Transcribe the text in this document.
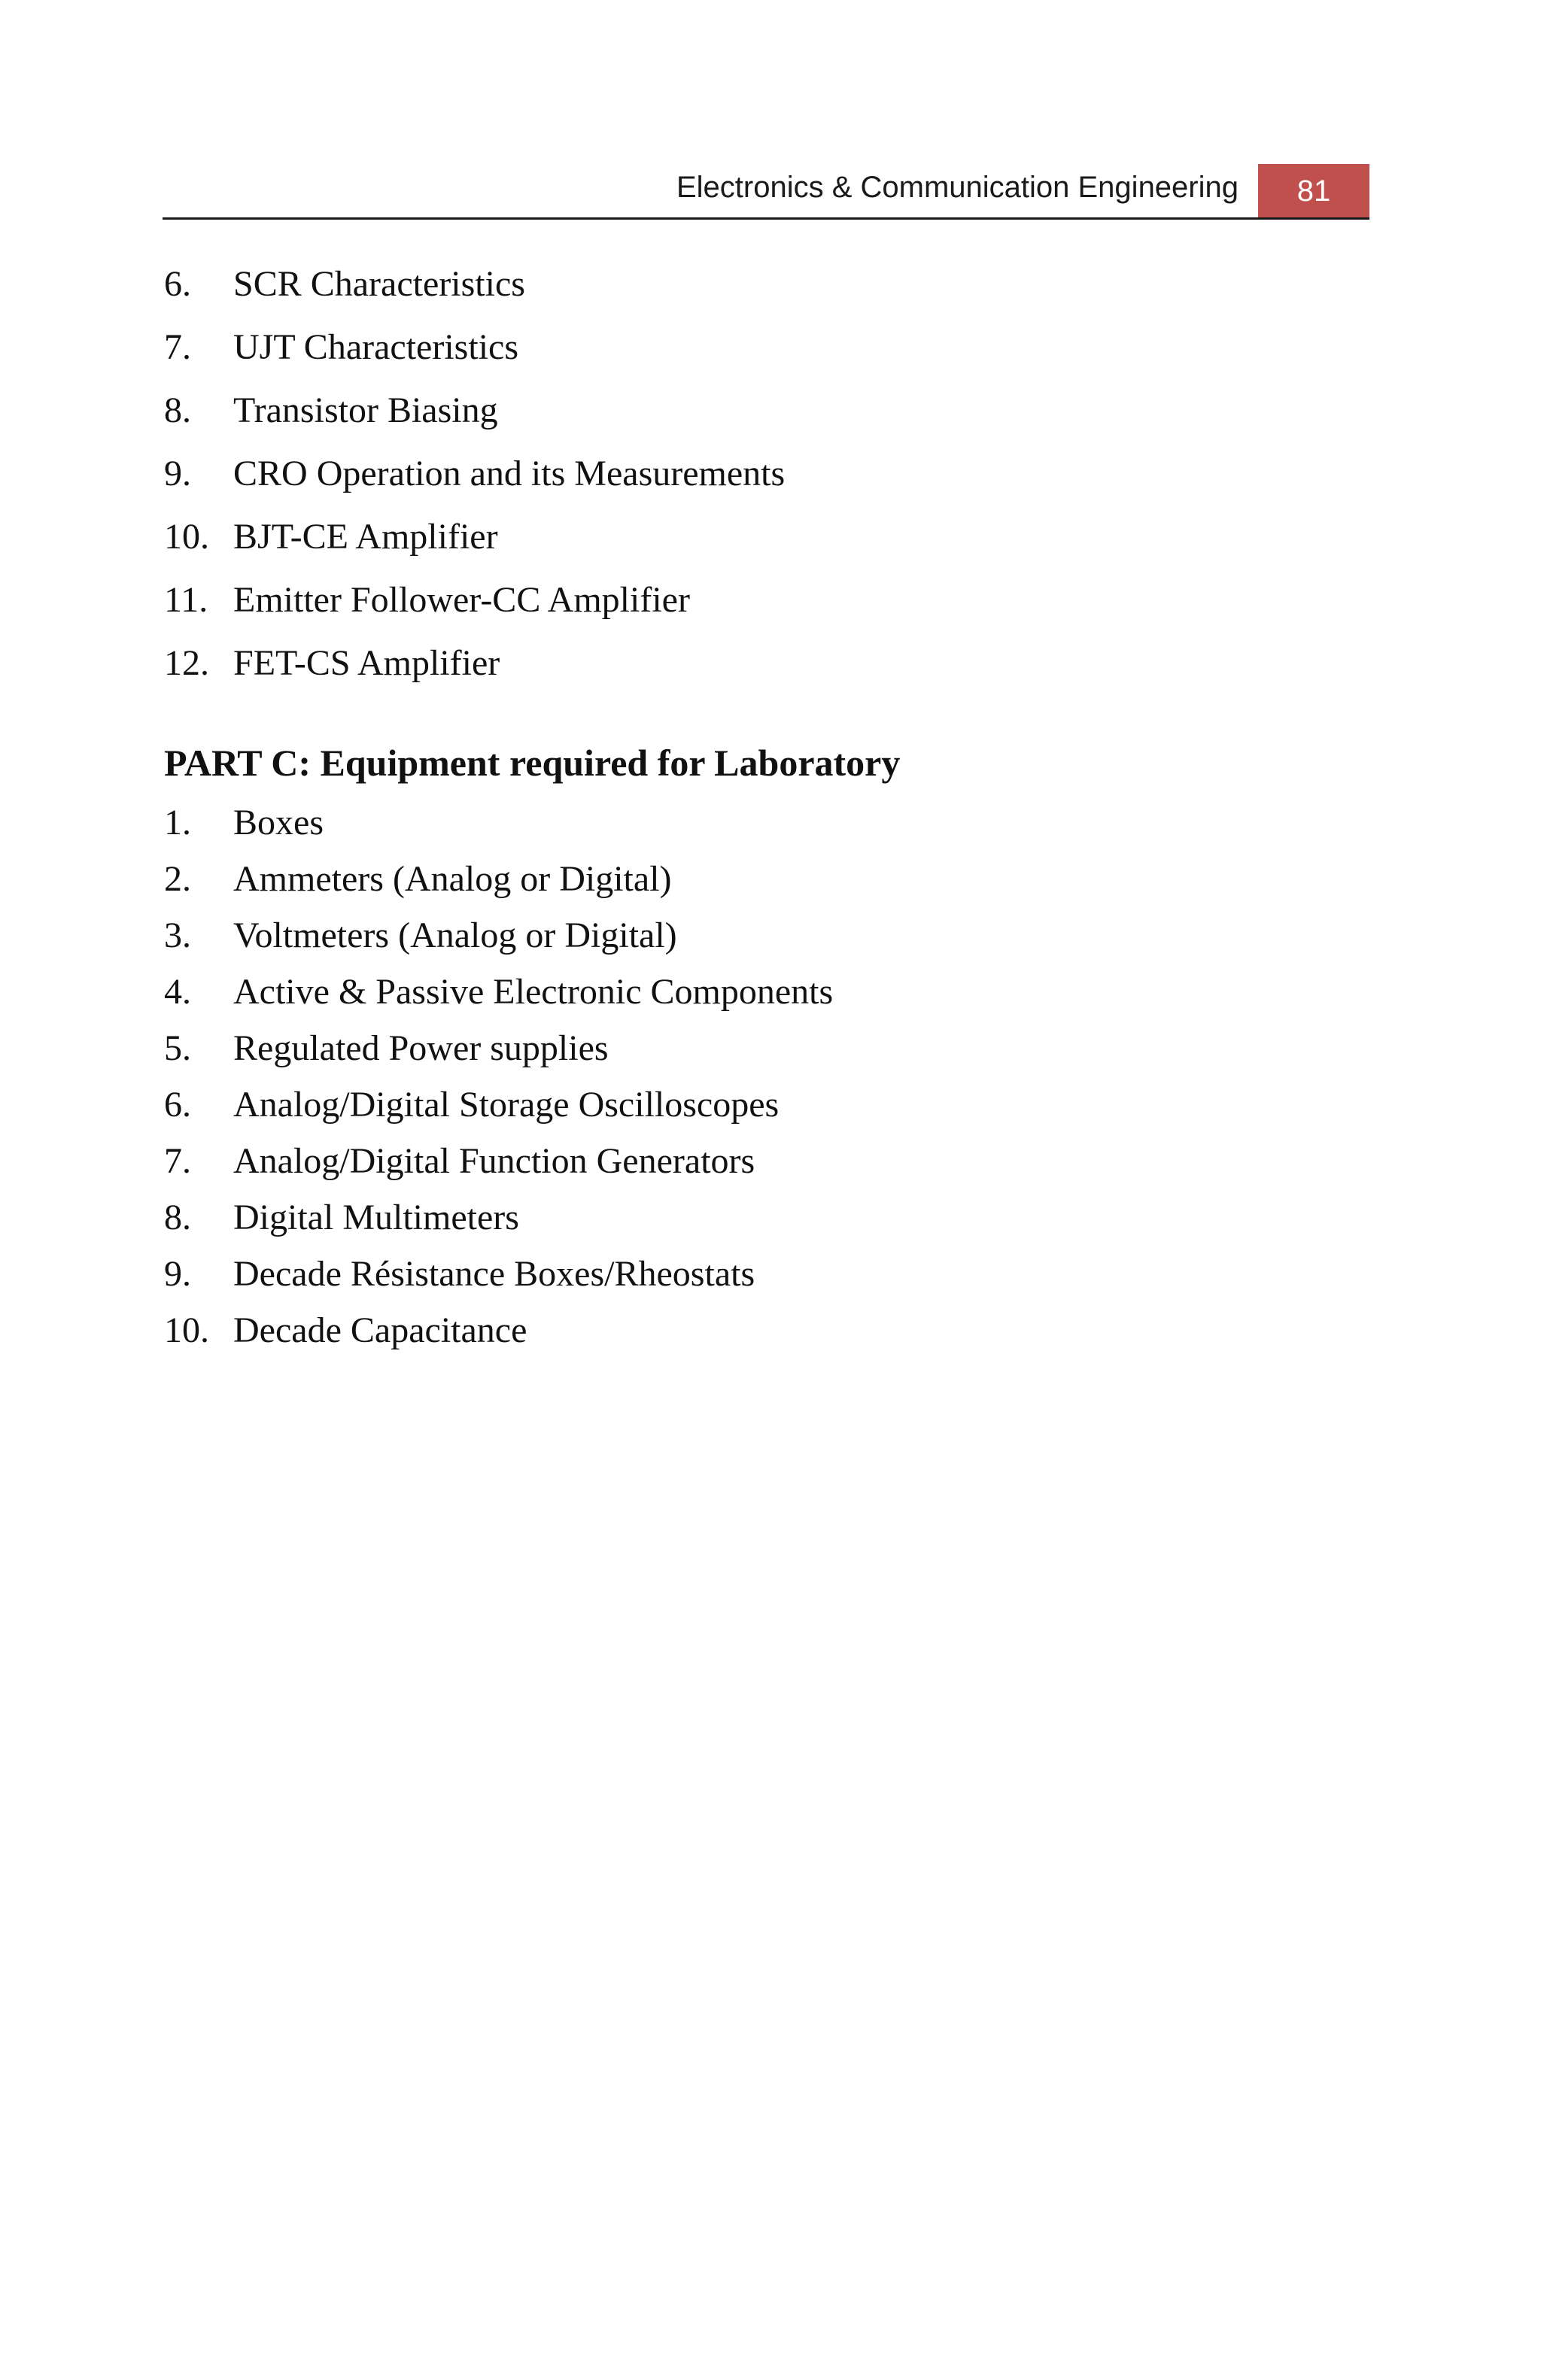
Electronics & Communication Engineering	81
6.	SCR Characteristics
7.	UJT Characteristics
8.	Transistor Biasing
9.	CRO Operation and its Measurements
10. BJT-CE Amplifier
11. Emitter Follower-CC Amplifier
12. FET-CS Amplifier
PART C: Equipment required for Laboratory
1.	Boxes
2.	Ammeters (Analog or Digital)
3.	Voltmeters (Analog or Digital)
4.	Active & Passive Electronic Components
5.	Regulated Power supplies
6.	Analog/Digital Storage Oscilloscopes
7.	Analog/Digital Function Generators
8.	Digital Multimeters
9.	Decade Résistance Boxes/Rheostats
10. Decade Capacitance
